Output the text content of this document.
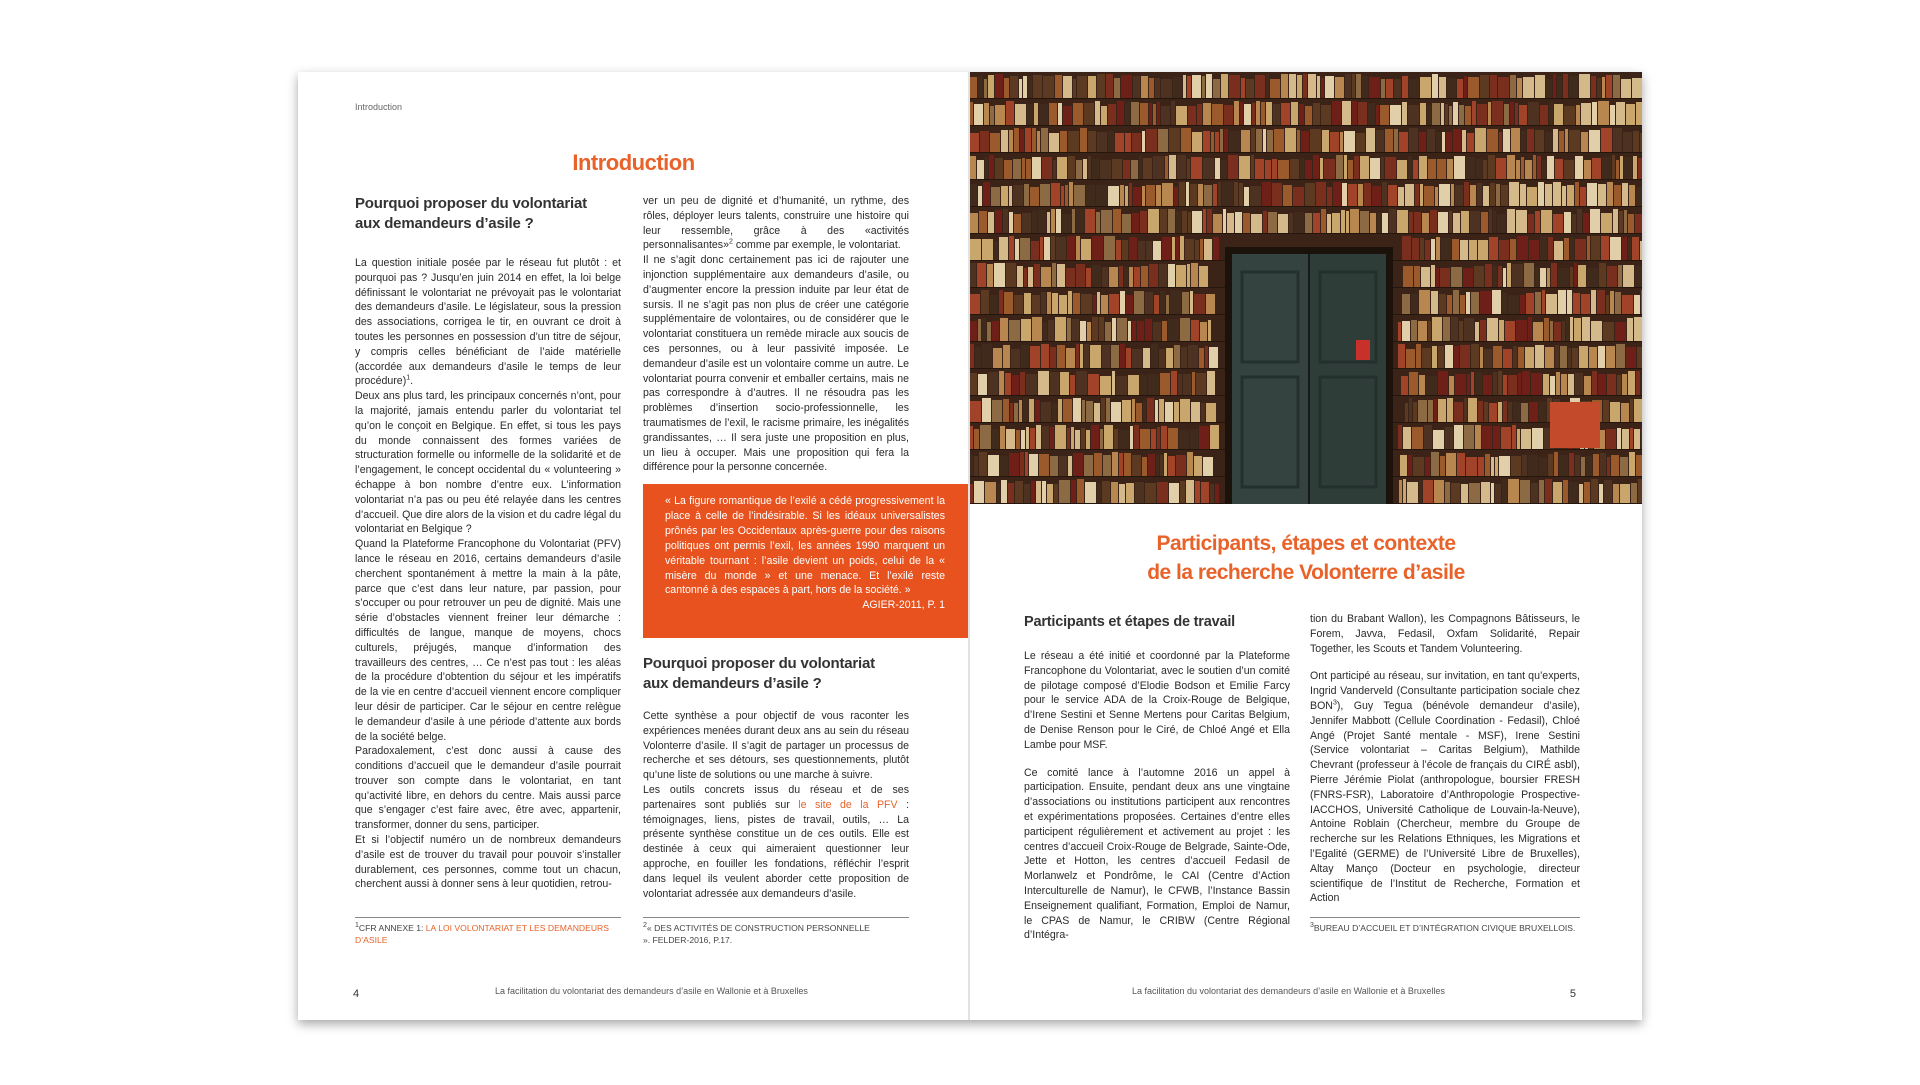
Introduction
Introduction
Pourquoi proposer du volontariat
aux demandeurs d’asile ?

La question initiale posée par le réseau fut plutôt : et pourquoi pas ? Jusqu’en juin 2014 en effet, la loi belge définissant le volontariat ne prévoyait pas le volontariat des demandeurs d’asile. Le législateur, sous la pression des associations, corrigea le tir, en ouvrant ce droit à toutes les personnes en possession d’un titre de séjour, y compris celles bénéficiant de l’aide matérielle (accordée aux demandeurs d’asile le temps de leur procédure)$^1$.

Deux ans plus tard, les principaux concernés n’ont, pour la majorité, jamais entendu parler du volontariat tel qu’on le conçoit en Belgique. En effet, si tous les pays du monde connaissent des formes variées de structuration formelle ou informelle de la solidarité et de l’engagement, le concept occidental du « volunteering » échappe à bon nombre d’entre eux. L’information volontariat n’a pas ou peu été relayée dans les centres d’accueil. Que dire alors de la vision et du cadre légal du volontariat en Belgique ?

Quand la Plateforme Francophone du Volontariat (PFV) lance le réseau en 2016, certains demandeurs d’asile cherchent spontanément à mettre la main à la pâte, parce que c’est dans leur nature, par passion, pour s’occuper ou pour retrouver un peu de dignité. Mais une série d’obstacles viennent freiner leur démarche : difficultés de langue, manque de moyens, chocs culturels, préjugés, manque d’information des travailleurs des centres, … Ce n’est pas tout : les aléas de la procédure d’obtention du séjour et les impératifs de la vie en centre d’accueil viennent encore compliquer leur désir de participer. Car le séjour en centre relègue le demandeur d’asile à une période d’attente aux bords de la société belge.

Paradoxalement, c’est donc aussi à cause des conditions d’accueil que le demandeur d’asile pourrait trouver son compte dans le volontariat, en tant qu’activité libre, en dehors du centre. Mais aussi parce que s’engager c’est faire avec, être avec, appartenir, transformer, donner du sens, participer.

Et si l’objectif numéro un de nombreux demandeurs d’asile est de trouver du travail pour pouvoir s’installer durablement, ces personnes, comme tout un chacun, cherchent aussi à donner sens à leur quotidien, retrou-

$^1$CFR ANNEXE 1: LA LOI VOLONTARIAT ET LES DEMANDEURS D’ASILE

ver un peu de dignité et d’humanité, un rythme, des rôles, déployer leurs talents, construire une histoire qui leur ressemble, grâce à des «activités personnalisantes»$^2$ comme par exemple, le volontariat.

Il ne s’agit donc certainement pas ici de rajouter une injonction supplémentaire aux demandeurs d’asile, ou d’augmenter encore la pression induite par leur état de sursis. Il ne s’agit pas non plus de créer une catégorie supplémentaire de volontaires, ou de considérer que le volontariat constituera un remède miracle aux soucis de ces personnes, ou à leur passivité imposée. Le demandeur d’asile est un volontaire comme un autre. Le volontariat pourra convenir et emballer certains, mais ne pas correspondre à d’autres. Il ne résoudra pas les problèmes d’insertion socio-professionnelle, les traumatismes de l’exil, le racisme primaire, les inégalités grandissantes, … Il sera juste une proposition en plus, un lieu à occuper. Mais une proposition qui fera la différence pour la personne concernée.

« La figure romantique de l’exilé a cédé progressivement la place à celle de l’indésirable. Si les idéaux universalistes prônés par les Occidentaux après-guerre pour des raisons politiques ont permis l’exil, les années 1990 marquent un véritable tournant : l’asile devient un poids, celui de la « misère du monde » et une menace. Et l’exilé reste cantonné à des espaces à part, hors de la société. »
AGIER-2011, P. 1
Pourquoi proposer du volontariat
aux demandeurs d’asile ?

Cette synthèse a pour objectif de vous raconter les expériences menées durant deux ans au sein du réseau Volonterre d’asile. Il s’agit de partager un processus de recherche et ses détours, ses questionnements, plutôt qu’une liste de solutions ou une marche à suivre.

Les outils concrets issus du réseau et de ses partenaires sont publiés sur le site de la PFV : témoignages, liens, pistes de travail, outils, … La présente synthèse constitue un de ces outils. Elle est destinée à ceux qui aimeraient questionner leur approche, en fouiller les fondations, réfléchir l’esprit dans lequel ils veulent aborder cette proposition de volontariat adressée aux demandeurs d’asile.

$^2$« DES ACTIVITÉS DE CONSTRUCTION PERSONNELLE ». FELDER-2016, P.17.
4	La facilitation du volontariat des demandeurs d’asile en Wallonie et à Bruxelles
Participants, étapes et contexte
de la recherche Volonterre d’asile
Participants et étapes de travail

Le réseau a été initié et coordonné par la Plateforme Francophone du Volontariat, avec le soutien d’un comité de pilotage composé d’Elodie Bodson et Emilie Farcy pour le service ADA de la Croix-Rouge de Belgique, d’Irene Sestini et Senne Mertens pour Caritas Belgium, de Denise Renson pour le Ciré, de Chloé Angé et Ella Lambe pour MSF.

Ce comité lance à l’automne 2016 un appel à participation. Ensuite, pendant deux ans une vingtaine d’associations ou institutions participent aux rencontres et expérimentations proposées. Certaines d’entre elles participent régulièrement et activement au projet : les centres d’accueil Croix-Rouge de Belgrade, Sainte-Ode, Jette et Hotton, les centres d’accueil Fedasil de Morlanwelz et Pondrôme, le CAI (Centre d’Action Interculturelle de Namur), le CFWB, l’Instance Bassin Enseignement qualifiant, Formation, Emploi de Namur, le CPAS de Namur, le CRIBW (Centre Régional d’Intégra-

tion du Brabant Wallon), les Compagnons Bâtisseurs, le Forem, Javva, Fedasil, Oxfam Solidarité, Repair Together, les Scouts et Tandem Volunteering.

Ont participé au réseau, sur invitation, en tant qu’experts, Ingrid Vanderveld (Consultante participation sociale chez BON$^3$), Guy Tegua (bénévole demandeur d’asile), Jennifer Mabbott (Cellule Coordination - Fedasil), Chloé Angé (Projet Santé mentale - MSF), Irene Sestini (Service volontariat – Caritas Belgium), Mathilde Chevrant (professeur à l’école de français du CIRÉ asbl), Pierre Jérémie Piolat (anthropologue, boursier FRESH (FNRS-FSR), Laboratoire d’Anthropologie Prospective-IACCHOS, Université Catholique de Louvain-la-Neuve), Antoine Roblain (Chercheur, membre du Groupe de recherche sur les Relations Ethniques, les Migrations et l’Egalité (GERME) de l’Université Libre de Bruxelles), Altay Manço (Docteur en psychologie, directeur scientifique de l’Institut de Recherche, Formation et Action

$^3$BUREAU D’ACCUEIL ET D’INTÉGRATION CIVIQUE BRUXELLOIS.
La facilitation du volontariat des demandeurs d’asile en Wallonie et à Bruxelles	5
